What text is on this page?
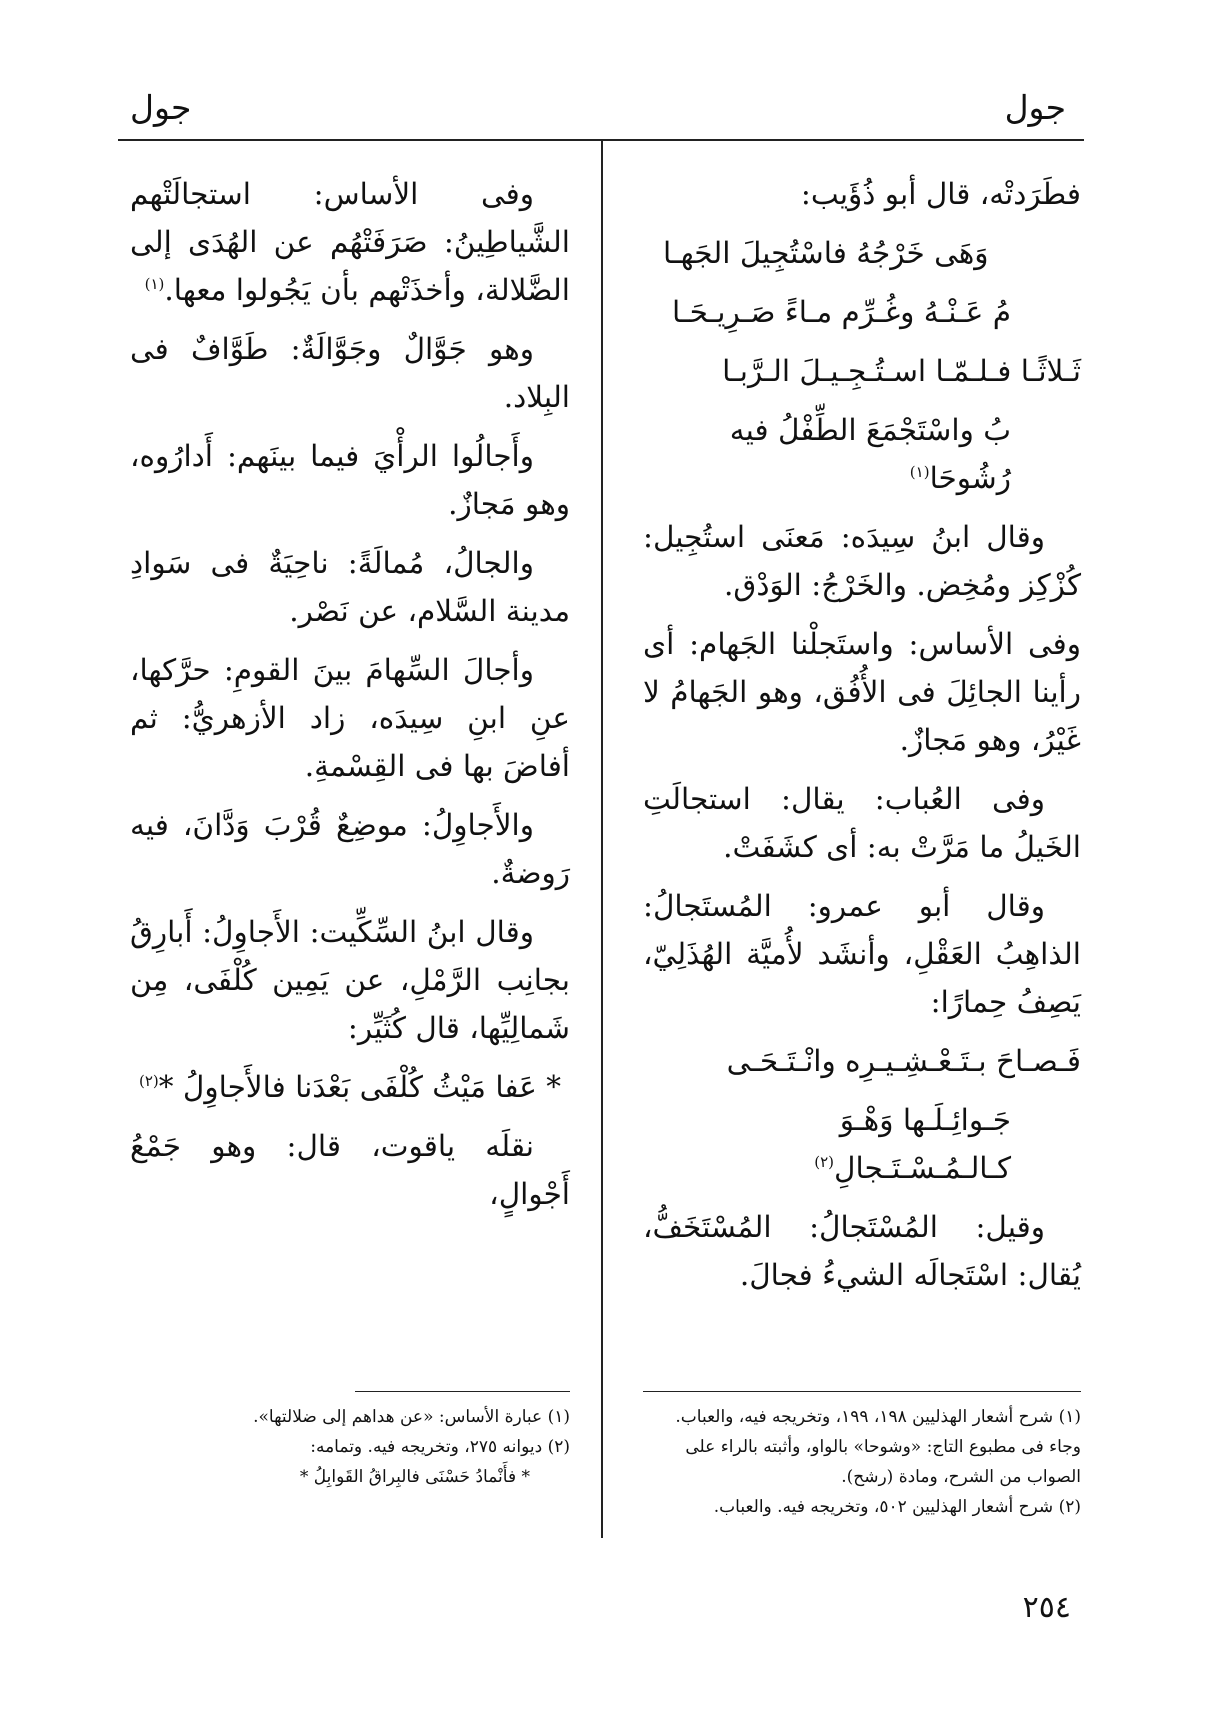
جول
جول

فطَرَدتْه، قال أبو ذُؤَيب:

وَهَى خَرْجُهُ فاسْتُجِيلَ الجَهـا

مُ عَـنْـهُ وغُـرِّم مـاءً صَـرِيـحَـا

ثَـلاثًـا فـلـمّـا اسـتُـجِـيـلَ الـرَّبـا

بُ واسْتَجْمَعَ الطِّفْلُ فيه رُشُوحَا$^{(١)}$

وقال ابنُ سِيدَه: مَعنَى استُجِيل: كُزْكِز ومُخِض. والخَرْجُ: الوَدْق.

وفى الأساس: واستَجلْنا الجَهام: أى رأينا الجائِلَ فى الأُفُق، وهو الجَهامُ لا غَيْرُ، وهو مَجازٌ.

وفى العُباب: يقال: استجالَتِ الخَيلُ ما مَرَّتْ به: أى كشَفَتْ.

وقال أبو عمرو: المُستَجالُ: الذاهِبُ العَقْلِ، وأنشَد لأُميَّة الهُذَلِيّ، يَصِفُ حِمارًا:

فَـصـاحَ بـتَـعْـشِـيـرِه وانْـتَـحَـى

جَـوائِـلَـها وَهْـوَ كـالـمُـسْـتَـجالِ$^{(٢)}$

وقيل: المُسْتَجالُ: المُسْتَخَفُّ، يُقال: اسْتَجالَه الشيءُ فجالَ.

وفى الأساس: استجالَتْهم الشَّياطِينُ: صَرَفَتْهُم عن الهُدَى إلى الضَّلالة، وأخذَتْهم بأن يَجُولوا معها.$^{(١)}$

وهو جَوَّالٌ وجَوَّالَةٌ: طَوَّافٌ فى البِلاد.

وأَجالُوا الرأْيَ فيما بينَهم: أَدارُوه، وهو مَجازٌ.

والجالُ، مُمالَةً: ناحِيَةٌ فى سَوادِ مدينة السَّلام، عن نَصْر.

وأجالَ السِّهامَ بينَ القومِ: حرَّكها، عنِ ابنِ سِيدَه، زاد الأزهريُّ: ثم أفاضَ بها فى القِسْمةِ.

والأَجاوِلُ: موضِعٌ قُرْبَ وَدَّانَ، فيه رَوضةٌ.

وقال ابنُ السِّكِّيت: الأَجاوِلُ: أَبارِقُ بجانِب الرَّمْلِ، عن يَمِين كُلْفَى، مِن شَمالِيِّها، قال كُثَيِّر:

* عَفا مَيْثُ كُلْفَى بَعْدَنا فالأَجاوِلُ *$^{(٢)}$

نقلَه ياقوت، قال: وهو جَمْعُ أَجْوالٍ،

(١) شرح أشعار الهذليين ١٩٨، ١٩٩، وتخريجه فيه، والعباب. وجاء فى مطبوع التاج: «وشوحا» بالواو، وأثبته بالراء على الصواب من الشرح، ومادة (رشح).

(٢) شرح أشعار الهذليين ٥٠٢، وتخريجه فيه. والعباب.

(١) عبارة الأساس: «عن هداهم إلى ضلالتها».

(٢) ديوانه ٢٧٥، وتخريجه فيه. وتمامه:

* فأَنْمادُ حَسْنَى فالبِراقُ القَوابِلُ *

٢٥٤
